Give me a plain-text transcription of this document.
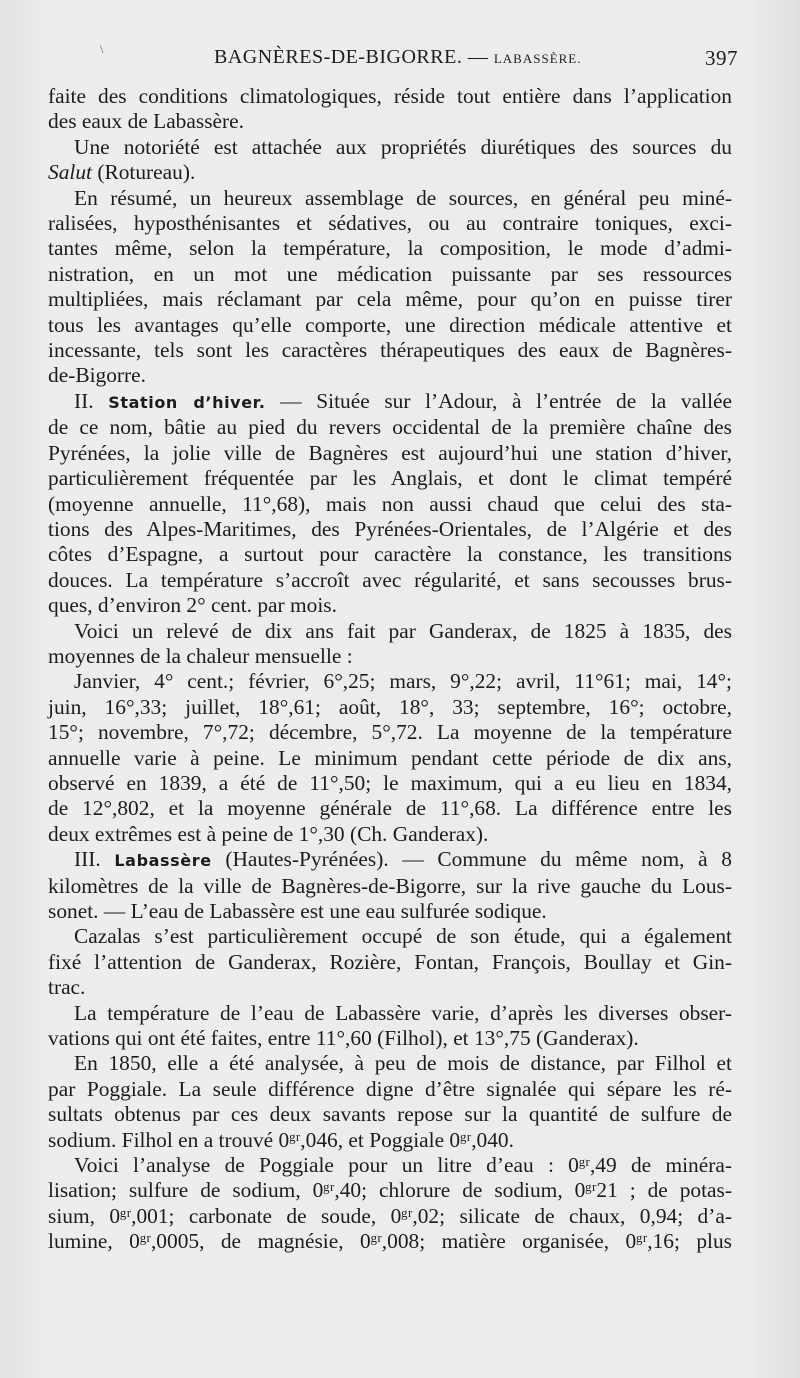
\	BAGNÈRES-DE-BIGORRE. — LABASSÈRE.	397

faite des conditions climatologiques, réside tout entière dans l’application

des eaux de Labassère.

Une notoriété est attachée aux propriétés diurétiques des sources du

Salut (Rotureau).

En résumé, un heureux assemblage de sources, en général peu miné-

ralisées, hyposthénisantes et sédatives, ou au contraire toniques, exci-

tantes même, selon la température, la composition, le mode d’admi-

nistration, en un mot une médication puissante par ses ressources

multipliées, mais réclamant par cela même, pour qu’on en puisse tirer

tous les avantages qu’elle comporte, une direction médicale attentive et

incessante, tels sont les caractères thérapeutiques des eaux de Bagnères-

de-Bigorre.

II. Station d’hiver. — Située sur l’Adour, à l’entrée de la vallée

de ce nom, bâtie au pied du revers occidental de la première chaîne des

Pyrénées, la jolie ville de Bagnères est aujourd’hui une station d’hiver,

particulièrement fréquentée par les Anglais, et dont le climat tempéré

(moyenne annuelle, 11°,68), mais non aussi chaud que celui des sta-

tions des Alpes-Maritimes, des Pyrénées-Orientales, de l’Algérie et des

côtes d’Espagne, a surtout pour caractère la constance, les transitions

douces. La température s’accroît avec régularité, et sans secousses brus-

ques, d’environ 2° cent. par mois.

Voici un relevé de dix ans fait par Ganderax, de 1825 à 1835, des

moyennes de la chaleur mensuelle :

Janvier, 4° cent.; février, 6°,25; mars, 9°,22; avril, 11°61; mai, 14°;

juin, 16°,33; juillet, 18°,61; août, 18°, 33; septembre, 16°; octobre,

15°; novembre, 7°,72; décembre, 5°,72. La moyenne de la température

annuelle varie à peine. Le minimum pendant cette période de dix ans,

observé en 1839, a été de 11°,50; le maximum, qui a eu lieu en 1834,

de 12°,802, et la moyenne générale de 11°,68. La différence entre les

deux extrêmes est à peine de 1°,30 (Ch. Ganderax).

III. Labassère (Hautes-Pyrénées). — Commune du même nom, à 8

kilomètres de la ville de Bagnères-de-Bigorre, sur la rive gauche du Lous-

sonet. — L’eau de Labassère est une eau sulfurée sodique.

Cazalas s’est particulièrement occupé de son étude, qui a également

fixé l’attention de Ganderax, Rozière, Fontan, François, Boullay et Gin-

trac.

La température de l’eau de Labassère varie, d’après les diverses obser-

vations qui ont été faites, entre 11°,60 (Filhol), et 13°,75 (Ganderax).

En 1850, elle a été analysée, à peu de mois de distance, par Filhol et

par Poggiale. La seule différence digne d’être signalée qui sépare les ré-

sultats obtenus par ces deux savants repose sur la quantité de sulfure de

sodium. Filhol en a trouvé 0ᵍʳ,046, et Poggiale 0ᵍʳ,040.

Voici l’analyse de Poggiale pour un litre d’eau : 0ᵍʳ,49 de minéra-

lisation; sulfure de sodium, 0ᵍʳ,40; chlorure de sodium, 0ᵍʳ21 ; de potas-

sium, 0ᵍʳ,001; carbonate de soude, 0ᵍʳ,02; silicate de chaux, 0,94; d’a-

lumine, 0ᵍʳ,0005, de magnésie, 0ᵍʳ,008; matière organisée, 0ᵍʳ,16; plus
